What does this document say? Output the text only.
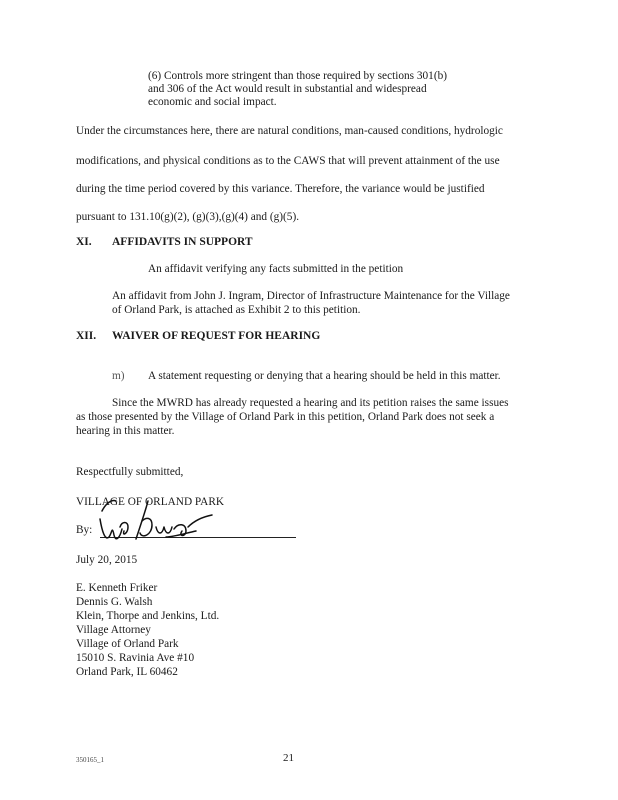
(6) Controls more stringent than those required by sections 301(b)
and 306 of the Act would result in substantial and widespread
economic and social impact.
Under the circumstances here, there are natural conditions, man-caused conditions, hydrologic
modifications, and physical conditions as to the CAWS that will prevent attainment of the use
during the time period covered by this variance. Therefore, the variance would be justified
pursuant to 131.10(g)(2), (g)(3),(g)(4) and (g)(5).
XI. AFFIDAVITS IN SUPPORT
An affidavit verifying any facts submitted in the petition
An affidavit from John J. Ingram, Director of Infrastructure Maintenance for the Village
of Orland Park, is attached as Exhibit 2 to this petition.
XII. WAIVER OF REQUEST FOR HEARING
m) A statement requesting or denying that a hearing should be held in this matter.
Since the MWRD has already requested a hearing and its petition raises the same issues
as those presented by the Village of Orland Park in this petition, Orland Park does not seek a
hearing in this matter.
Respectfully submitted,
VILLAGE OF ORLAND PARK
By:
July 20, 2015
E. Kenneth Friker
Dennis G. Walsh
Klein, Thorpe and Jenkins, Ltd.
Village Attorney
Village of Orland Park
15010 S. Ravinia Ave #10
Orland Park, IL 60462
350165_1	21
